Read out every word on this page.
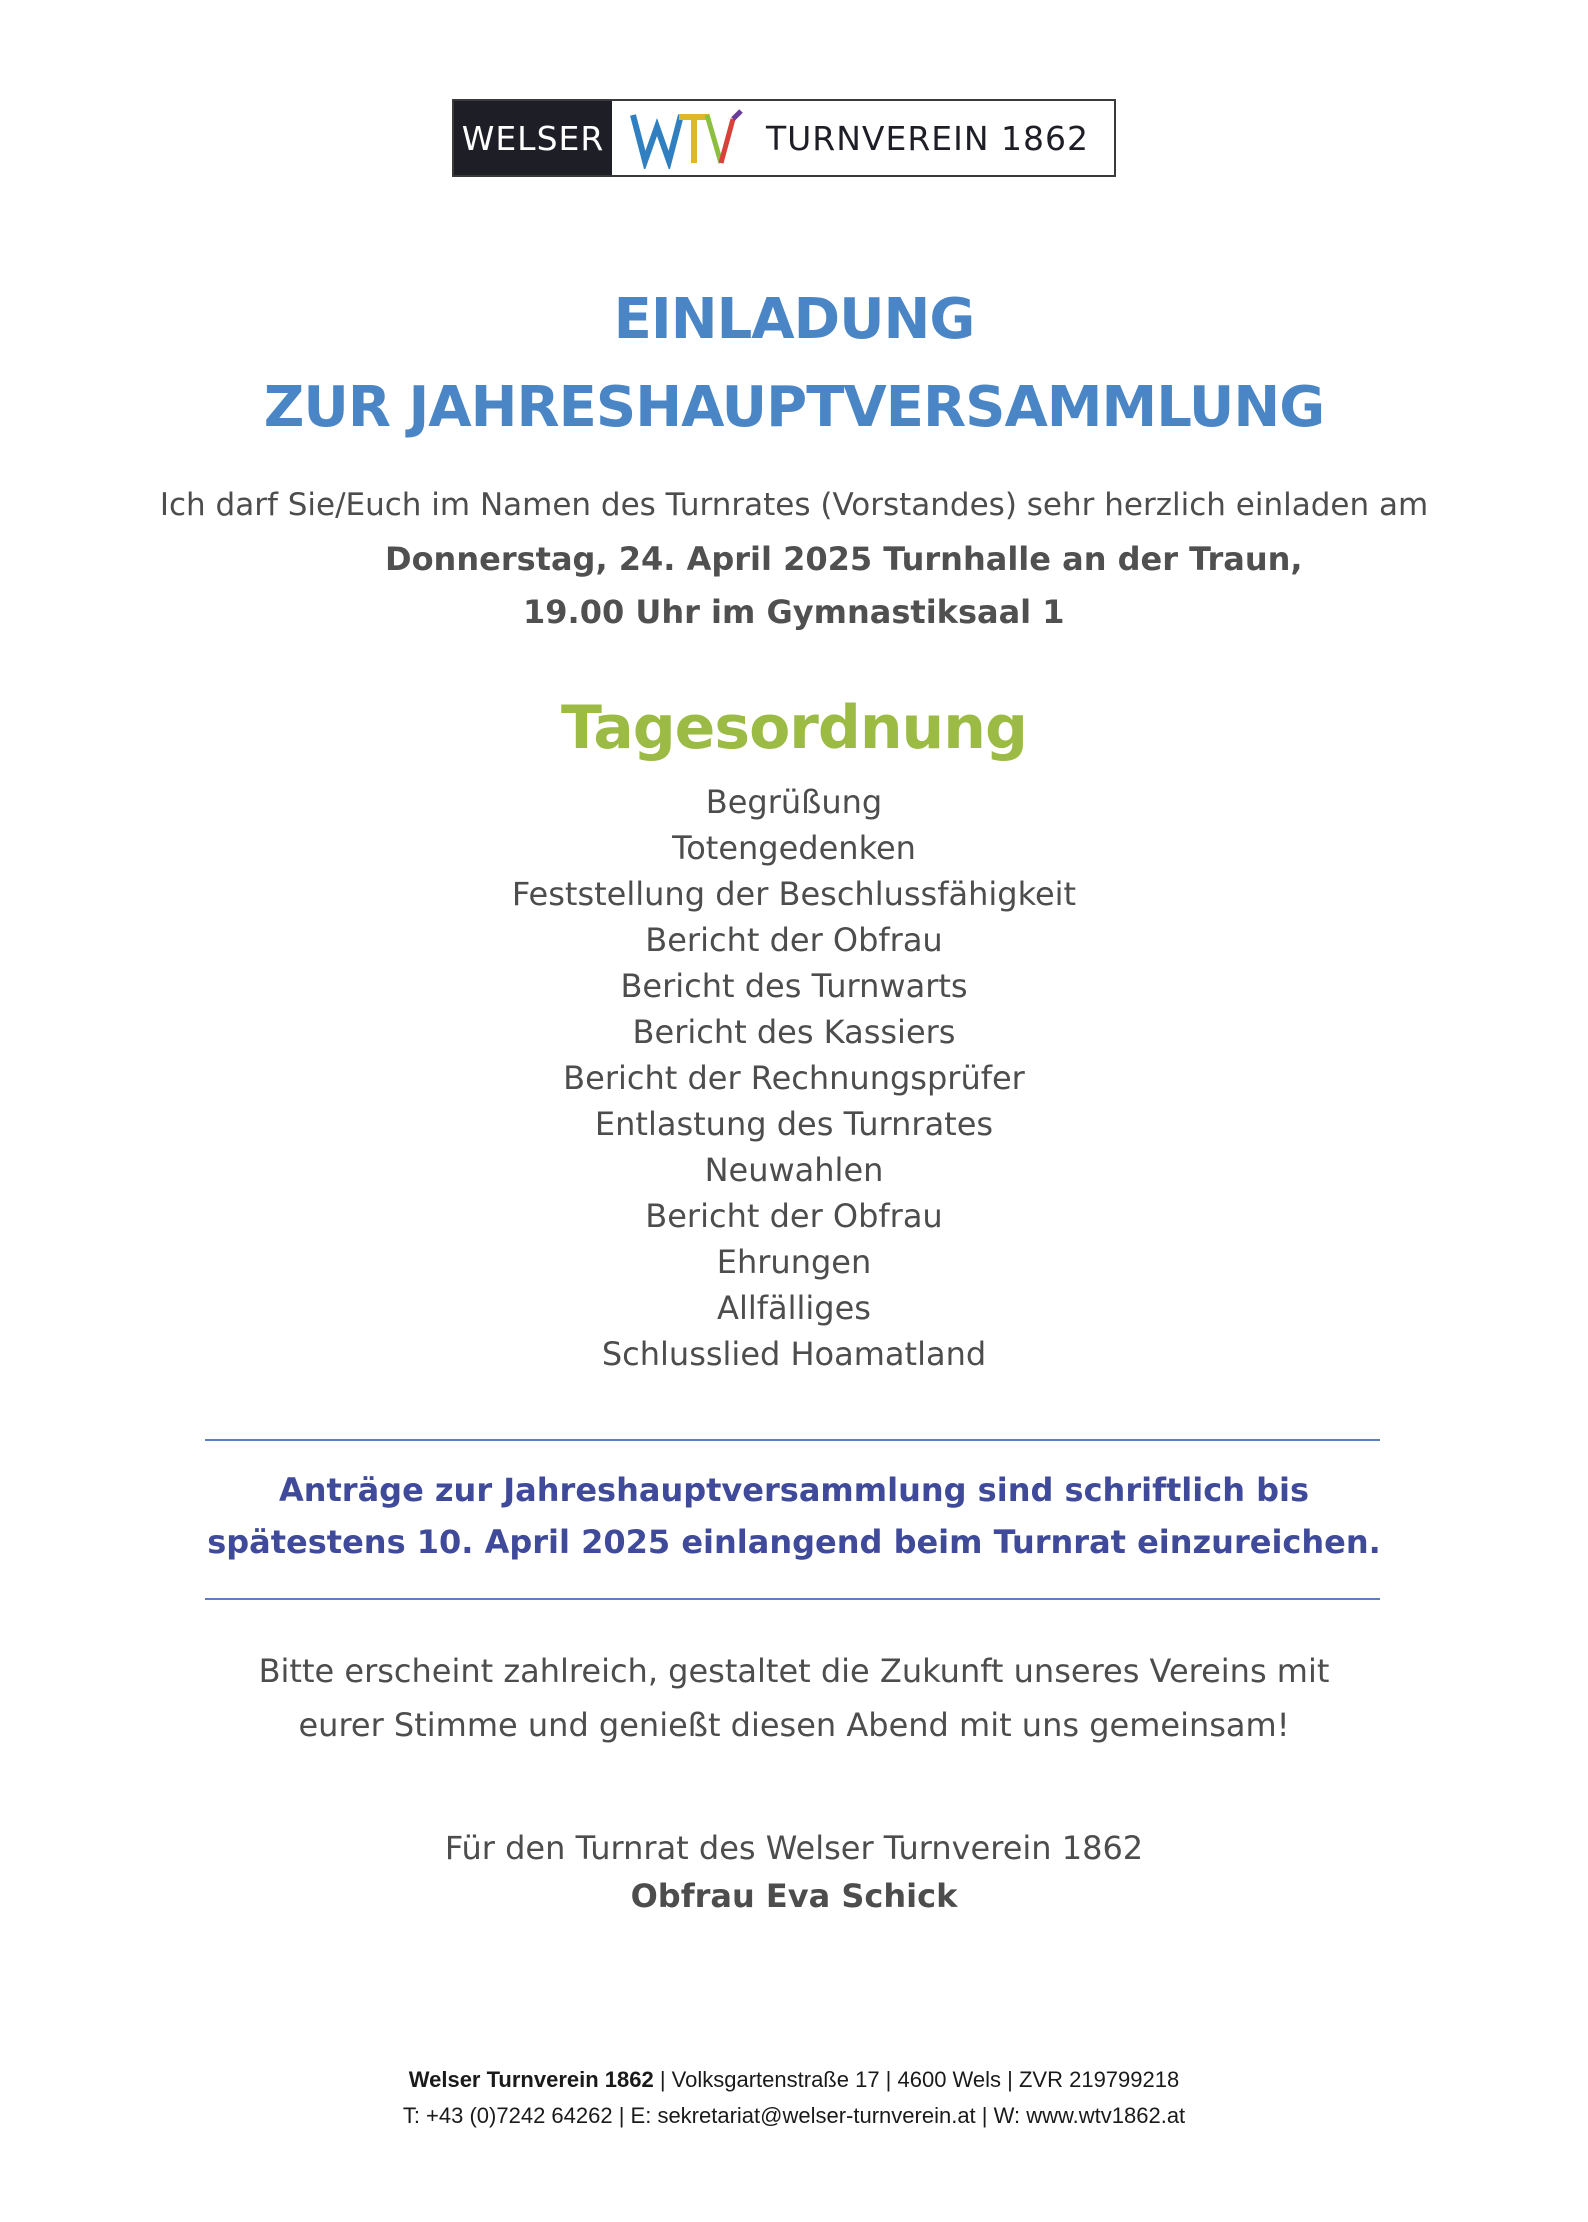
WELSER	TURNVEREIN 1862
EINLADUNG
ZUR JAHRESHAUPTVERSAMMLUNG
Ich darf Sie/Euch im Namen des Turnrates (Vorstandes) sehr herzlich einladen am
Donnerstag, 24. April 2025 Turnhalle an der Traun,
19.00 Uhr im Gymnastiksaal 1
Tagesordnung
Begrüßung
Totengedenken
Feststellung der Beschlussfähigkeit
Bericht der Obfrau
Bericht des Turnwarts
Bericht des Kassiers
Bericht der Rechnungsprüfer
Entlastung des Turnrates
Neuwahlen
Bericht der Obfrau
Ehrungen
Allfälliges
Schlusslied Hoamatland
Anträge zur Jahreshauptversammlung sind schriftlich bis
spätestens 10. April 2025 einlangend beim Turnrat einzureichen.
Bitte erscheint zahlreich, gestaltet die Zukunft unseres Vereins mit
eurer Stimme und genießt diesen Abend mit uns gemeinsam!
Für den Turnrat des Welser Turnverein 1862
Obfrau Eva Schick
Welser Turnverein 1862 | Volksgartenstraße 17 | 4600 Wels | ZVR 219799218
T: +43 (0)7242 64262 | E: sekretariat@welser-turnverein.at | W: www.wtv1862.at
